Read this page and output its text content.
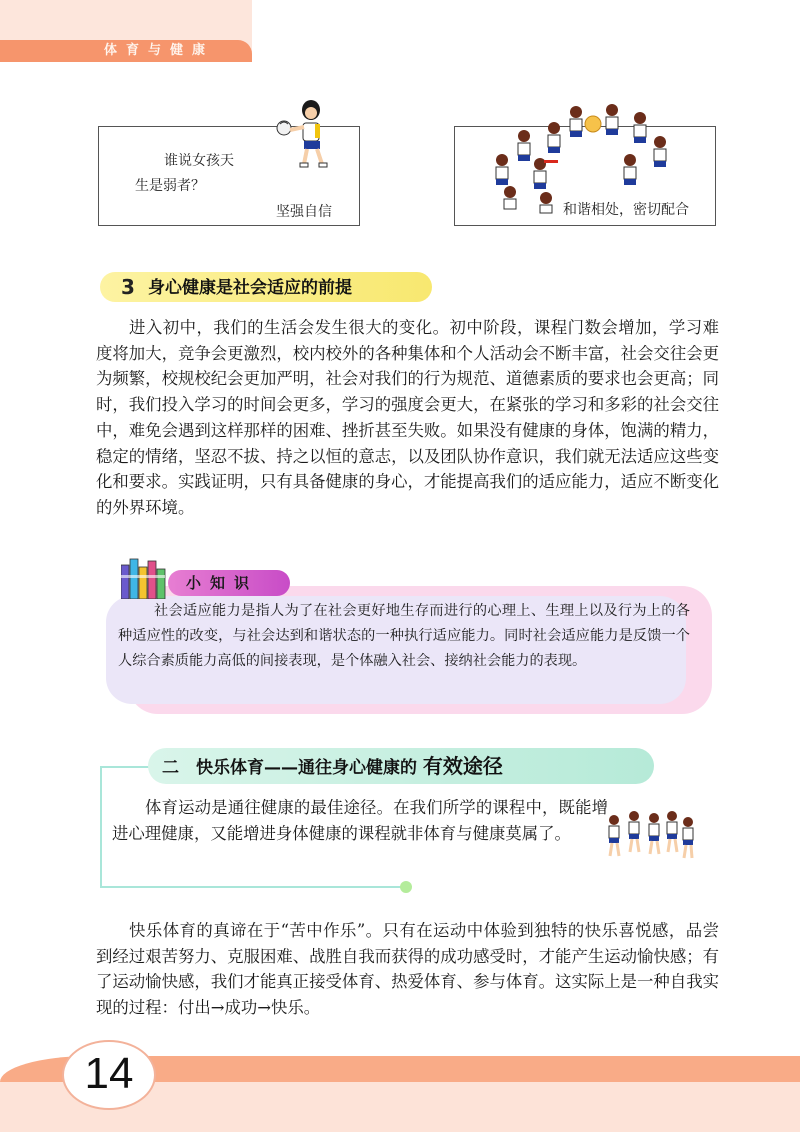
体育与健康
谁说女孩天
生是弱者？
坚强自信	和谐相处，密切配合
3 身心健康是社会适应的前提

进入初中，我们的生活会发生很大的变化。初中阶段，课程门数会增加，学习难度将加大，竞争会更激烈，校内校外的各种集体和个人活动会不断丰富，社会交往会更为频繁，校规校纪会更加严明，社会对我们的行为规范、道德素质的要求也会更高；同时，我们投入学习的时间会更多，学习的强度会更大，在紧张的学习和多彩的社会交往中，难免会遇到这样那样的困难、挫折甚至失败。如果没有健康的身体，饱满的精力，稳定的情绪，坚忍不拔、持之以恒的意志，以及团队协作意识，我们就无法适应这些变化和要求。实践证明，只有具备健康的身心，才能提高我们的适应能力，适应不断变化的外界环境。

小知识

社会适应能力是指人为了在社会更好地生存而进行的心理上、生理上以及行为上的各种适应性的改变，与社会达到和谐状态的一种执行适应能力。同时社会适应能力是反馈一个人综合素质能力高低的间接表现，是个体融入社会、接纳社会能力的表现。

二　快乐体育——通往身心健康的 有效途径

体育运动是通往健康的最佳途径。在我们所学的课程中，既能增进心理健康，又能增进身体健康的课程就非体育与健康莫属了。

快乐体育的真谛在于“苦中作乐”。只有在运动中体验到独特的快乐喜悦感，品尝到经过艰苦努力、克服困难、战胜自我而获得的成功感受时，才能产生运动愉快感；有了运动愉快感，我们才能真正接受体育、热爱体育、参与体育。这实际上是一种自我实现的过程：付出→成功→快乐。

14
